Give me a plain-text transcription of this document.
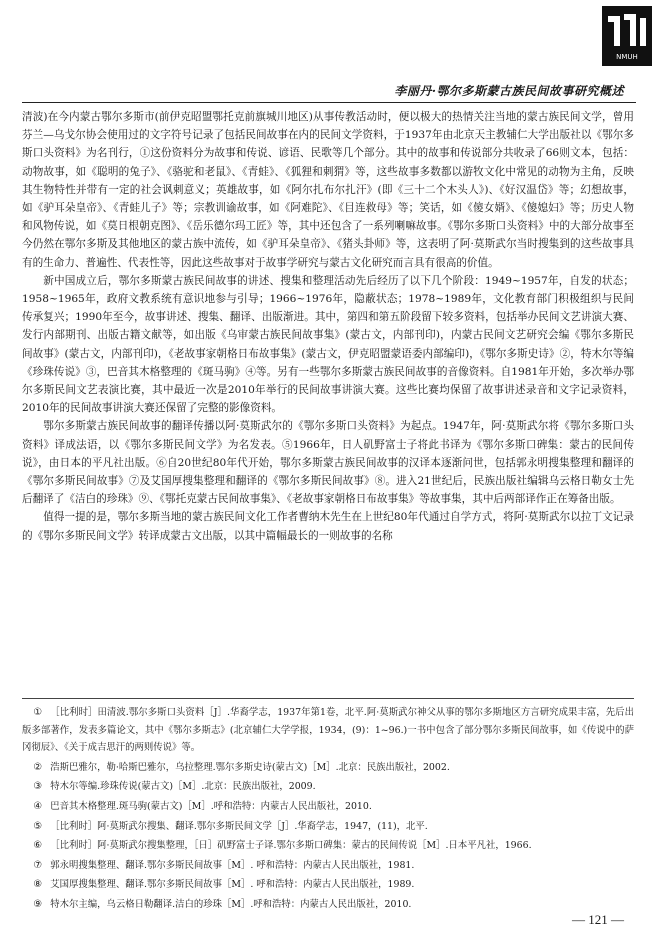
NMUH
李丽丹·鄂尔多斯蒙古族民间故事研究概述

清波)在今内蒙古鄂尔多斯市(前伊克昭盟鄂托克前旗城川地区)从事传教活动时，便以极大的热情关注当地的蒙古族民间文学，曾用芬兰—乌戈尔协会使用过的文字符号记录了包括民间故事在内的民间文学资料，于1937年由北京天主教辅仁大学出版社以《鄂尔多斯口头资料》为名刊行，①这份资料分为故事和传说、谚语、民歌等几个部分。其中的故事和传说部分共收录了66则文本，包括：动物故事，如《聪明的兔子》、《骆驼和老鼠》、《青蛙》、《狐狸和刺猬》等，这些故事多数都以游牧文化中常见的动物为主角，反映其生物特性并带有一定的社会讽刺意义；英雄故事，如《阿尔扎布尔扎汗》(即《三十二个木头人》)、《好汉温岱》等；幻想故事，如《驴耳朵皇帝》、《青蛙儿子》等；宗教训谕故事，如《阿难陀》、《目连救母》等；笑话，如《傻女婿》、《傻媳妇》等；历史人物和风物传说，如《莫日根朝克图》、《岳乐德尔玛工匠》等，其中还包含了一系列喇嘛故事。《鄂尔多斯口头资料》中的大部分故事至今仍然在鄂尔多斯及其他地区的蒙古族中流传，如《驴耳朵皇帝》、《猪头卦师》等，这表明了阿·莫斯武尔当时搜集到的这些故事具有的生命力、普遍性、代表性等，因此这些故事对于故事学研究与蒙古文化研究而言具有很高的价值。

新中国成立后，鄂尔多斯蒙古族民间故事的讲述、搜集和整理活动先后经历了以下几个阶段：1949~1957年，自发的状态；1958~1965年，政府文教系统有意识地参与引导；1966~1976年，隐蔽状态；1978~1989年，文化教育部门积极组织与民间传承复兴；1990年至今，故事讲述、搜集、翻译、出版渐进。其中，第四和第五阶段留下较多资料，包括举办民间文艺讲演大赛、发行内部期刊、出版古籍文献等，如出版《乌审蒙古族民间故事集》(蒙古文，内部刊印)，内蒙古民间文艺研究会编《鄂尔多斯民间故事》(蒙古文，内部刊印)，《老故事家朝格日布故事集》(蒙古文，伊克昭盟蒙语委内部编印)，《鄂尔多斯史诗》②，特木尔等编《珍珠传说》③，巴音其木格整理的《斑马驹》④等。另有一些鄂尔多斯蒙古族民间故事的音像资料。自1981年开始，多次举办鄂尔多斯民间文艺表演比赛，其中最近一次是2010年举行的民间故事讲演大赛。这些比赛均保留了故事讲述录音和文字记录资料，2010年的民间故事讲演大赛还保留了完整的影像资料。

鄂尔多斯蒙古族民间故事的翻译传播以阿·莫斯武尔的《鄂尔多斯口头资料》为起点。1947年，阿·莫斯武尔将《鄂尔多斯口头资料》译成法语，以《鄂尔多斯民间文学》为名发表。⑤1966年，日人矶野富士子将此书译为《鄂尔多斯口碑集：蒙古的民间传说》，由日本的平凡社出版。⑥自20世纪80年代开始，鄂尔多斯蒙古族民间故事的汉译本逐渐问世，包括郭永明搜集整理和翻译的《鄂尔多斯民间故事》⑦及艾国厚搜集整理和翻译的《鄂尔多斯民间故事》⑧。进入21世纪后，民族出版社编辑乌云格日勒女士先后翻译了《洁白的珍珠》⑨、《鄂托克蒙古民间故事集》、《老故事家朝格日布故事集》等故事集，其中后两部译作正在筹备出版。

值得一提的是，鄂尔多斯当地的蒙古族民间文化工作者曹纳木先生在上世纪80年代通过自学方式，将阿·莫斯武尔以拉丁文记录的《鄂尔多斯民间文学》转译成蒙古文出版，以其中篇幅最长的一则故事的名称

① ［比利时］田清波.鄂尔多斯口头资料［J］.华裔学志，1937年第1卷，北平.阿·莫斯武尔神父从事的鄂尔多斯地区方言研究成果丰富，先后出版多部著作，发表多篇论文，其中《鄂尔多斯志》(北京辅仁大学学报，1934，(9)：1~96.)一书中包含了部分鄂尔多斯民间故事，如《传说中的萨冈彻辰》、《关于成吉思汗的两则传说》等。

② 浩斯巴雅尔，勒·哈斯巴雅尔，乌拉整理.鄂尔多斯史诗(蒙古文)［M］.北京：民族出版社，2002.

③ 特木尔等编.珍珠传说(蒙古文)［M］.北京：民族出版社，2009.

④ 巴音其木格整理.斑马驹(蒙古文)［M］.呼和浩特：内蒙古人民出版社，2010.

⑤ ［比利时］阿·莫斯武尔搜集、翻译.鄂尔多斯民间文学［J］.华裔学志，1947，(11)，北平.

⑥ ［比利时］阿·莫斯武尔搜集整理，［日］矶野富士子译.鄂尔多斯口碑集：蒙古的民间传说［M］.日本平凡社，1966.

⑦ 郭永明搜集整理、翻译.鄂尔多斯民间故事［M］. 呼和浩特：内蒙古人民出版社，1981.

⑧ 艾国厚搜集整理、翻译.鄂尔多斯民间故事［M］. 呼和浩特：内蒙古人民出版社，1989.

⑨ 特木尔主编，乌云格日勒翻译.洁白的珍珠［M］.呼和浩特：内蒙古人民出版社，2010.

— 121 —
